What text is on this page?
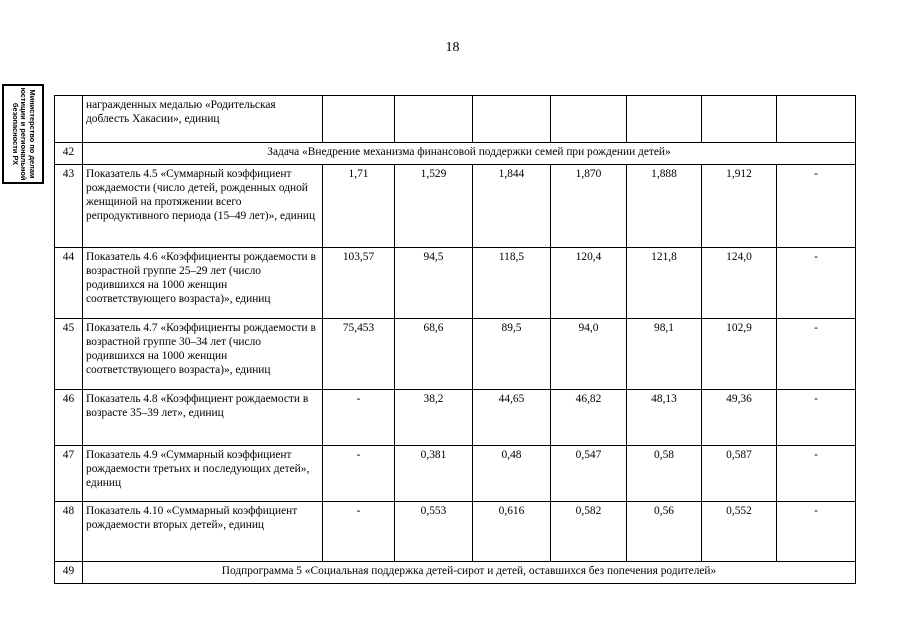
18
Министерство по делам
юстиции и региональной
безопасности РХ
		награжденных медалью «Родительская доблесть Хакасии», единиц							
42	Задача «Внедрение механизма финансовой поддержки семей при рождении детей»							
43	Показатель 4.5 «Суммарный коэффициент рождаемости (число детей, рожденных одной женщиной на протяжении всего репродуктивного периода (15–49 лет)», единиц	1,71	1,529	1,844	1,870	1,888	1,912	-
44	Показатель 4.6 «Коэффициенты рождаемости в возрастной группе 25–29 лет (число родившихся на 1000 женщин соответствующего возраста)», единиц	103,57	94,5	118,5	120,4	121,8	124,0	-
45	Показатель 4.7 «Коэффициенты рождаемости в возрастной группе 30–34 лет (число родившихся на 1000 женщин соответствующего возраста)», единиц	75,453	68,6	89,5	94,0	98,1	102,9	-
46	Показатель 4.8 «Коэффициент рождаемости в возрасте 35–39 лет», единиц	-	38,2	44,65	46,82	48,13	49,36	-
47	Показатель 4.9 «Суммарный коэффициент рождаемости третьих и последующих детей», единиц	-	0,381	0,48	0,547	0,58	0,587	-
48	Показатель 4.10 «Суммарный коэффициент рождаемости вторых детей», единиц	-	0,553	0,616	0,582	0,56	0,552	-
49	Подпрограмма 5 «Социальная поддержка детей-сирот и детей, оставшихся без попечения родителей»							
